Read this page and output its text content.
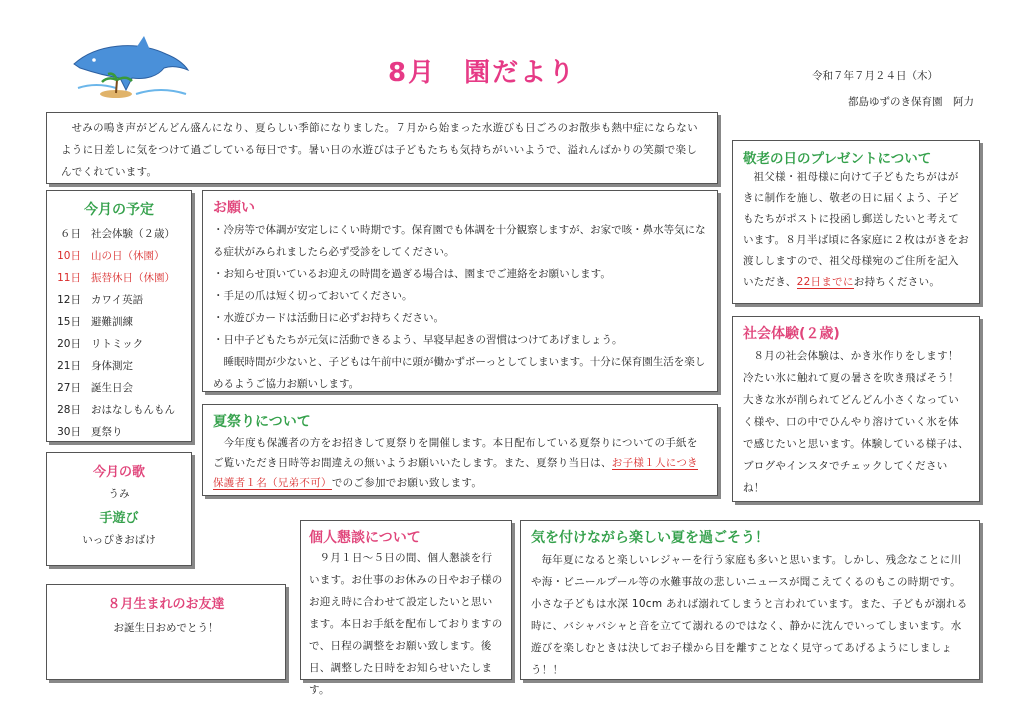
8月　園だより	令和７年７月２４日（木）
都島ゆずのき保育園　阿力
せみの鳴き声がどんどん盛んになり、夏らしい季節になりました。７月から始まった水遊びも日ごろのお散歩も熱中症にならないように日差しに気をつけて過ごしている毎日です。暑い日の水遊びは子どもたちも気持ちがいいようで、溢れんばかりの笑顔で楽しんでくれています。
今月の予定
６日 社会体験（２歳）
10日 山の日（休園）
11日 振替休日（休園）
12日 カワイ英語
15日 避難訓練
20日 リトミック
21日 身体測定
27日 誕生日会
28日 おはなしもんもん
30日 夏祭り
今月の歌
うみ
手遊び
いっぴきおばけ
８月生まれのお友達
お誕生日おめでとう！
お願い
・冷房等で体調が安定しにくい時期です。保育園でも体調を十分観察しますが、お家で咳・鼻水等気になる症状がみられましたら必ず受診をしてください。
・お知らせ頂いているお迎えの時間を過ぎる場合は、園までご連絡をお願いします。
・手足の爪は短く切っておいてください。
・水遊びカードは活動日に必ずお持ちください。
・日中子どもたちが元気に活動できるよう、早寝早起きの習慣はつけてあげましょう。
　睡眠時間が少ないと、子どもは午前中に頭が働かずボーっとしてしまいます。十分に保育園生活を楽しめるようご協力お願いします。
夏祭りについて
今年度も保護者の方をお招きして夏祭りを開催します。本日配布している夏祭りについての手紙をご覧いただき日時等お間違えの無いようお願いいたします。また、夏祭り当日は、お子様１人につき保護者１名（兄弟不可）でのご参加でお願い致します。
敬老の日のプレゼントについて
祖父様・祖母様に向けて子どもたちがはがきに制作を施し、敬老の日に届くよう、子どもたちがポストに投函し郵送したいと考えています。８月半ば頃に各家庭に２枚はがきをお渡ししますので、祖父母様宛のご住所を記入いただき、22日までにお持ちください。
社会体験(２歳)
８月の社会体験は、かき氷作りをします！冷たい氷に触れて夏の暑さを吹き飛ばそう！大きな氷が削られてどんどん小さくなっていく様や、口の中でひんやり溶けていく氷を体で感じたいと思います。体験している様子は、ブログやインスタでチェックしてくださいね！
個人懇談について
９月１日～５日の間、個人懇談を行います。お仕事のお休みの日やお子様のお迎え時に合わせて設定したいと思います。本日お手紙を配布しておりますので、日程の調整をお願い致します。後日、調整した日時をお知らせいたします。
気を付けながら楽しい夏を過ごそう！
毎年夏になると楽しいレジャーを行う家庭も多いと思います。しかし、残念なことに川や海・ビニールプール等の水難事故の悲しいニュースが聞こえてくるのもこの時期です。小さな子どもは水深 10cm あれば溺れてしまうと言われています。また、子どもが溺れる時に、バシャバシャと音を立てて溺れるのではなく、静かに沈んでいってしまいます。水遊びを楽しむときは決してお子様から目を離すことなく見守ってあげるようにしましょう！！
